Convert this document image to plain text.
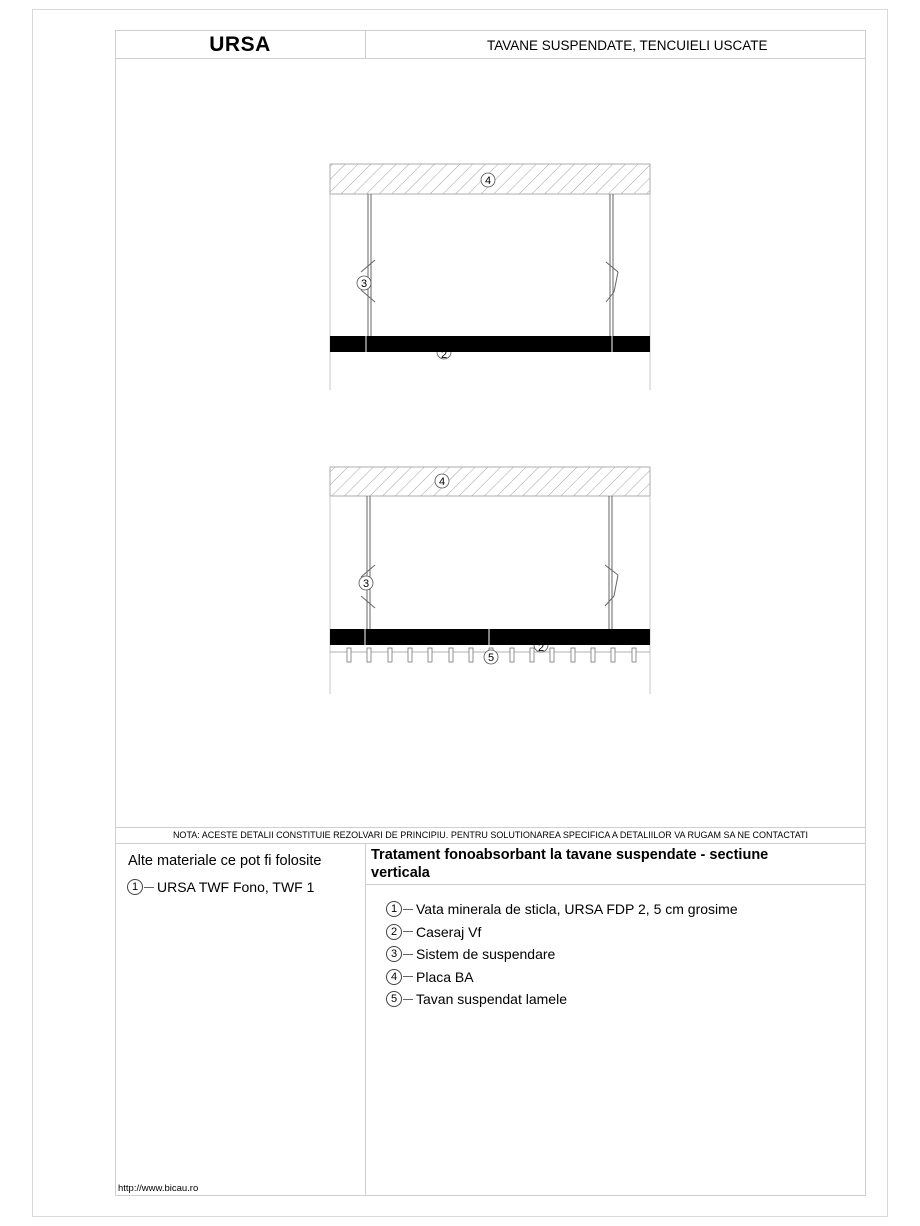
URSA	TAVANE SUSPENDATE, TENCUIELI USCATE
4
3
2
4
3
2
5
NOTA: ACESTE DETALII CONSTITUIE REZOLVARI DE PRINCIPIU. PENTRU SOLUTIONAREA SPECIFICA A DETALIILOR VA RUGAM SA NE CONTACTATI
Alte materiale ce pot fi folosite
1	URSA TWF Fono, TWF 1
Tratament fonoabsorbant la tavane suspendate - sectiune verticala
1	Vata minerala de sticla, URSA FDP 2, 5 cm grosime
2	Caseraj Vf
3	Sistem de suspendare
4	Placa BA
5	Tavan suspendat lamele
http://www.bicau.ro
